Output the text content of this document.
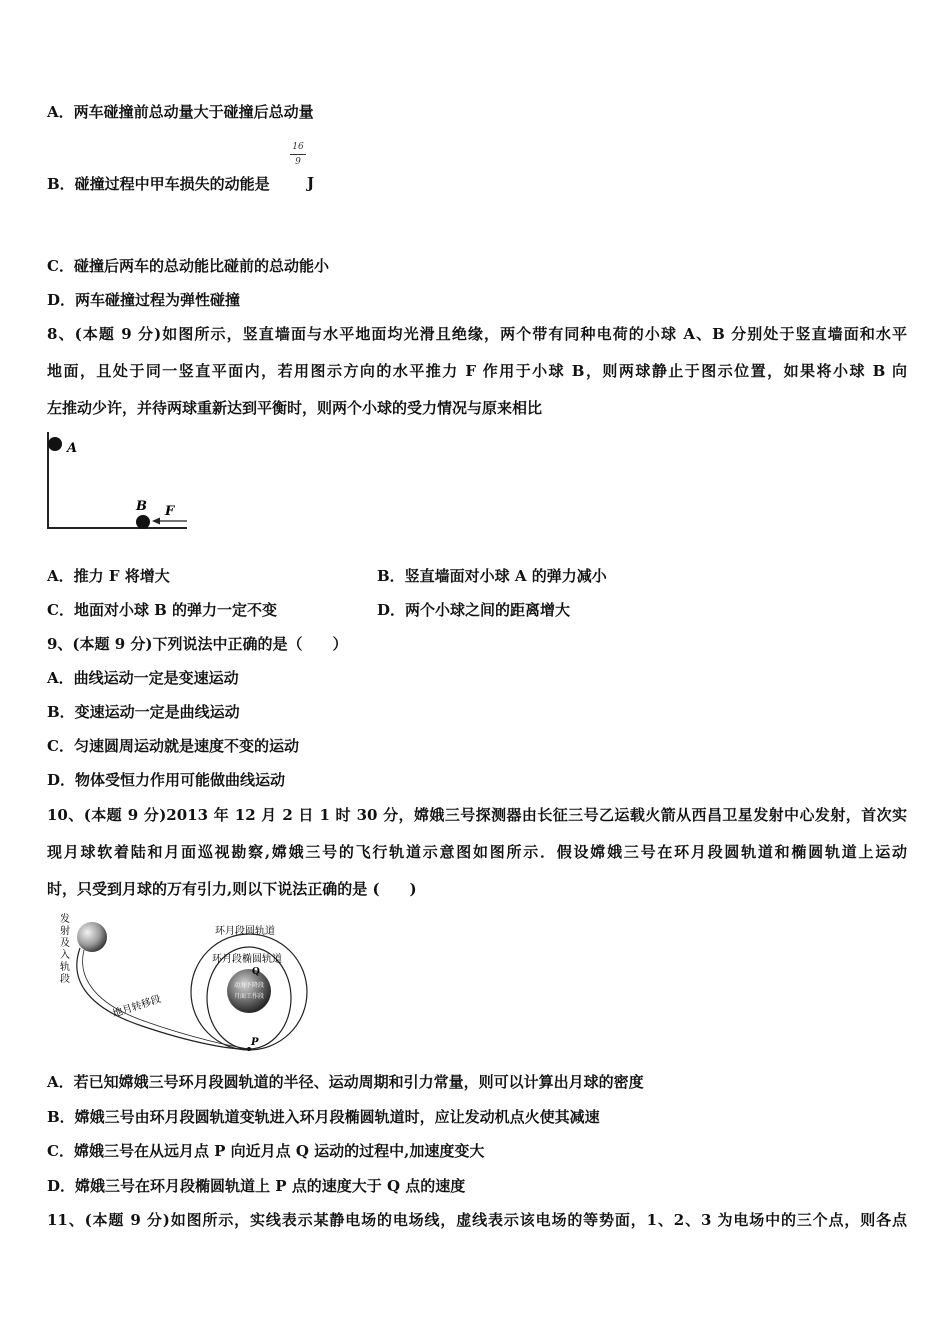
A．两车碰撞前总动量大于碰撞后总动量
16
9
B．碰撞过程中甲车损失的动能是 J
C．碰撞后两车的总动能比碰前的总动能小
D．两车碰撞过程为弹性碰撞
8、(本题 9 分)如图所示，竖直墙面与水平地面均光滑且绝缘，两个带有同种电荷的小球 A、B 分别处于竖直墙面和水平
地面，且处于同一竖直平面内，若用图示方向的水平推力 F 作用于小球 B，则两球静止于图示位置，如果将小球 B 向
左推动少许，并待两球重新达到平衡时，则两个小球的受力情况与原来相比
A
B F
A．推力 F 将增大	B．竖直墙面对小球 A 的弹力减小
C．地面对小球 B 的弹力一定不变	D．两个小球之间的距离增大
9、(本题 9 分)下列说法中正确的是（　　）
A．曲线运动一定是变速运动
B．变速运动一定是曲线运动
C．匀速圆周运动就是速度不变的运动
D．物体受恒力作用可能做曲线运动
10、(本题 9 分)2013 年 12 月 2 日 1 时 30 分，嫦娥三号探测器由长征三号乙运载火箭从西昌卫星发射中心发射，首次实
现月球软着陆和月面巡视勘察,嫦娥三号的飞行轨道示意图如图所示．假设嫦娥三号在环月段圆轨道和椭圆轨道上运动
时，只受到月球的万有引力,则以下说法正确的是 (　　)
发
射
及
入
轨
段
地月转移段
环月段圆轨道
环月段椭圆轨道
Q
动力下降段
月面工作段
P
A．若已知嫦娥三号环月段圆轨道的半径、运动周期和引力常量，则可以计算出月球的密度
B．嫦娥三号由环月段圆轨道变轨进入环月段椭圆轨道时，应让发动机点火使其减速
C．嫦娥三号在从远月点 P 向近月点 Q 运动的过程中,加速度变大
D．嫦娥三号在环月段椭圆轨道上 P 点的速度大于 Q 点的速度
11、(本题 9 分)如图所示，实线表示某静电场的电场线，虚线表示该电场的等势面，1、2、3 为电场中的三个点，则各点
